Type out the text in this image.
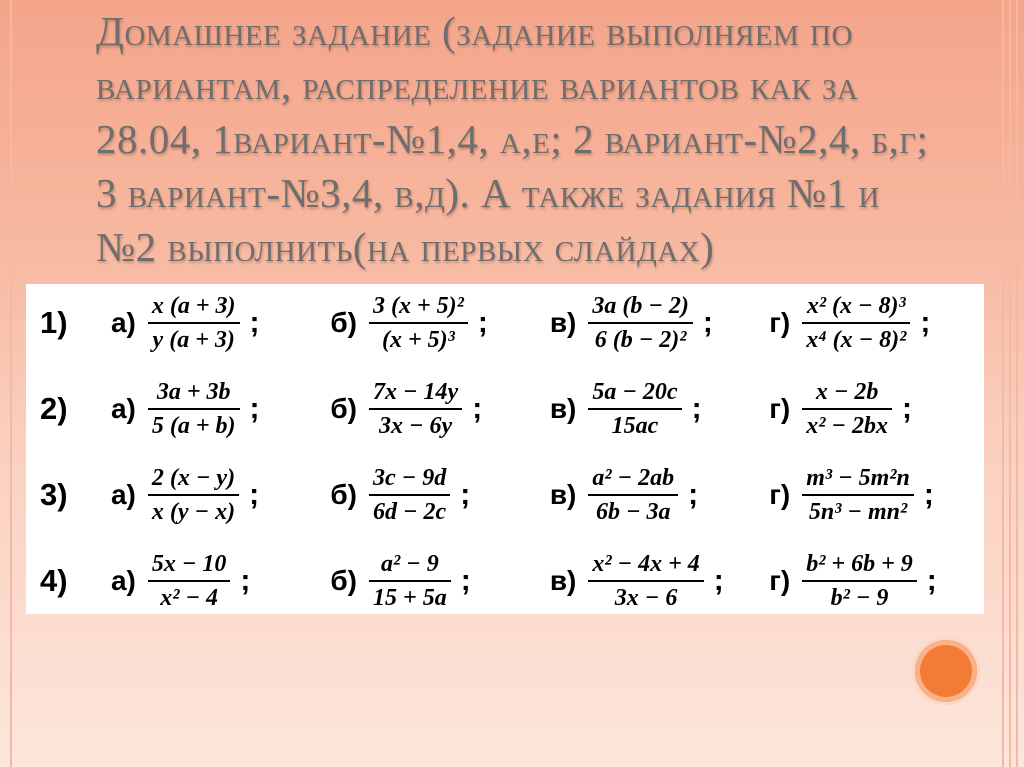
Домашнее задание (задание выполняем по вариантам, распределение вариантов как за 28.04, 1вариант-№1,4, а,е; 2 вариант-№2,4, б,г; 3 вариант-№3,4, в,д). А также задания №1 и №2 выполнить(на первых слайдах)
1)	$а) \frac{x (a + 3)}{y (a + 3)}$ ;	$б) \frac{\text{3 (x + 5)²}}{\text{(x + 5)³}}$ ; $в) \frac{3a (b - 2)}{\text{6 (b − 2)²}}$ ; $г) \frac{\text{x² (x − 8)³}}{\text{x⁴ (x − 8)²}}$ ;
2)	$а) \frac{3a + 3b}{5 (a + b)}$ ;	$б) \frac{7x - 14y}{3x - 6y}$ ; $в) \frac{5a - 20c}{15ac}$ ; $г) \frac{x - 2b}{\text{x² − 2bx}}$ ;
3)	$а) \frac{2 (x - y)}{x (y - x)}$ ;	$б) \frac{3c - 9d}{6d - 2c}$ ;	$в) \frac{\text{a² − 2ab}}{6b - 3a}$ ;	$г) \frac{\text{m³ − 5m²n}}{\text{5n³ − mn²}}$ ;
4)	$а) \frac{5x - 10}{\text{x² − 4}}$ ;	$б) \frac{\text{a² − 9}}{15 + 5a}$ ;	$в) \frac{\text{x² − 4x + 4}}{3x - 6}$ ; $г) \frac{\text{b² + 6b + 9}}{\text{b² − 9}}$ ;
